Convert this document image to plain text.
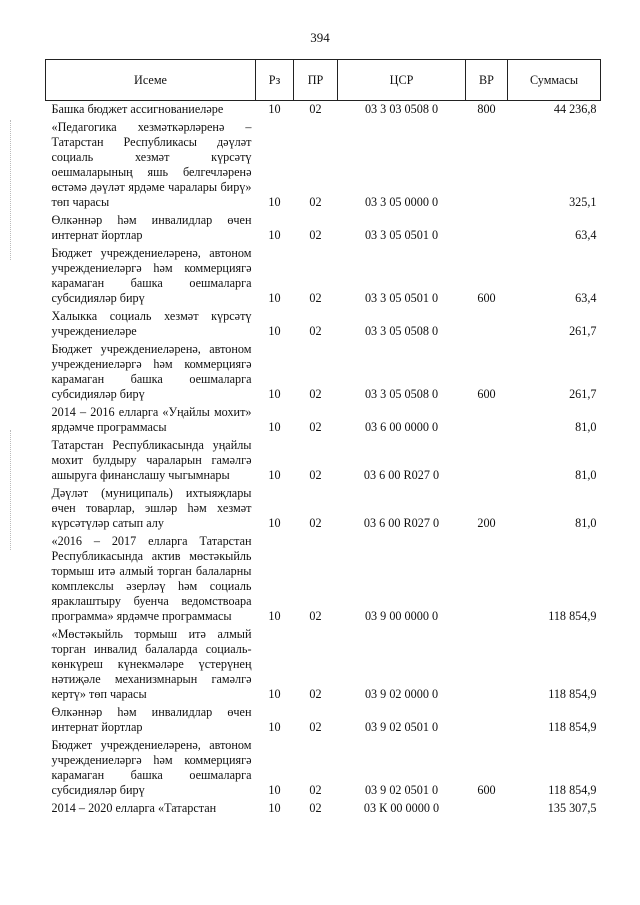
394
Исеме	Рз	ПР	ЦСР	ВР	Суммасы
Башка бюджет ассигнованиеләре	10	02	03 3 03 0508 0	800	44 236,8
«Педагогика хезмәткәрләренә – Татарстан Республикасы дәүләт социаль хезмәт күрсәтү оешмаларының яшь белгечләренә өстәмә дәүләт ярдәме чаралары бирү» төп чарасы	10	02	03 3 05 0000 0		325,1
Өлкәннәр һәм инвалидлар өчен интернат йортлар	10	02	03 3 05 0501 0		63,4
Бюджет учреждениеләренә, автоном учреждениеләргә һәм коммерциягә карамаган башка оешмаларга субсидияләр бирү	10	02	03 3 05 0501 0	600	63,4
Халыкка социаль хезмәт күрсәтү учреждениеләре	10	02	03 3 05 0508 0		261,7
Бюджет учреждениеләренә, автоном учреждениеләргә һәм коммерциягә карамаган башка оешмаларга субсидияләр бирү	10	02	03 3 05 0508 0	600	261,7
2014 – 2016 елларга «Уңайлы мохит» ярдәмче программасы	10	02	03 6 00 0000 0		81,0
Татарстан Республикасында уңайлы мохит булдыру чараларын гамәлгә ашыруга финанслашу чыгымнары	10	02	03 6 00 R027 0		81,0
Дәүләт (муниципаль) ихтыяҗлары өчен товарлар, эшләр һәм хезмәт күрсәтүләр сатып алу	10	02	03 6 00 R027 0	200	81,0
«2016 – 2017 елларга Татарстан Республикасында актив мөстәкыйль тормыш итә алмый торган балаларны комплекслы әзерләү һәм социаль яраклаштыру буенча ведомствоара программа» ярдәмче программасы	10	02	03 9 00 0000 0		118 854,9
«Мөстәкыйль тормыш итә алмый торган инвалид балаларда социаль-көнкүреш күнекмәләре үстерүнең нәтиҗәле механизмнарын гамәлгә кертү» төп чарасы	10	02	03 9 02 0000 0		118 854,9
Өлкәннәр һәм инвалидлар өчен интернат йортлар	10	02	03 9 02 0501 0		118 854,9
Бюджет учреждениеләренә, автоном учреждениеләргә һәм коммерциягә карамаган башка оешмаларга субсидияләр бирү	10	02	03 9 02 0501 0	600	118 854,9
2014 – 2020 елларга «Татарстан	10	02	03 К 00 0000 0		135 307,5
